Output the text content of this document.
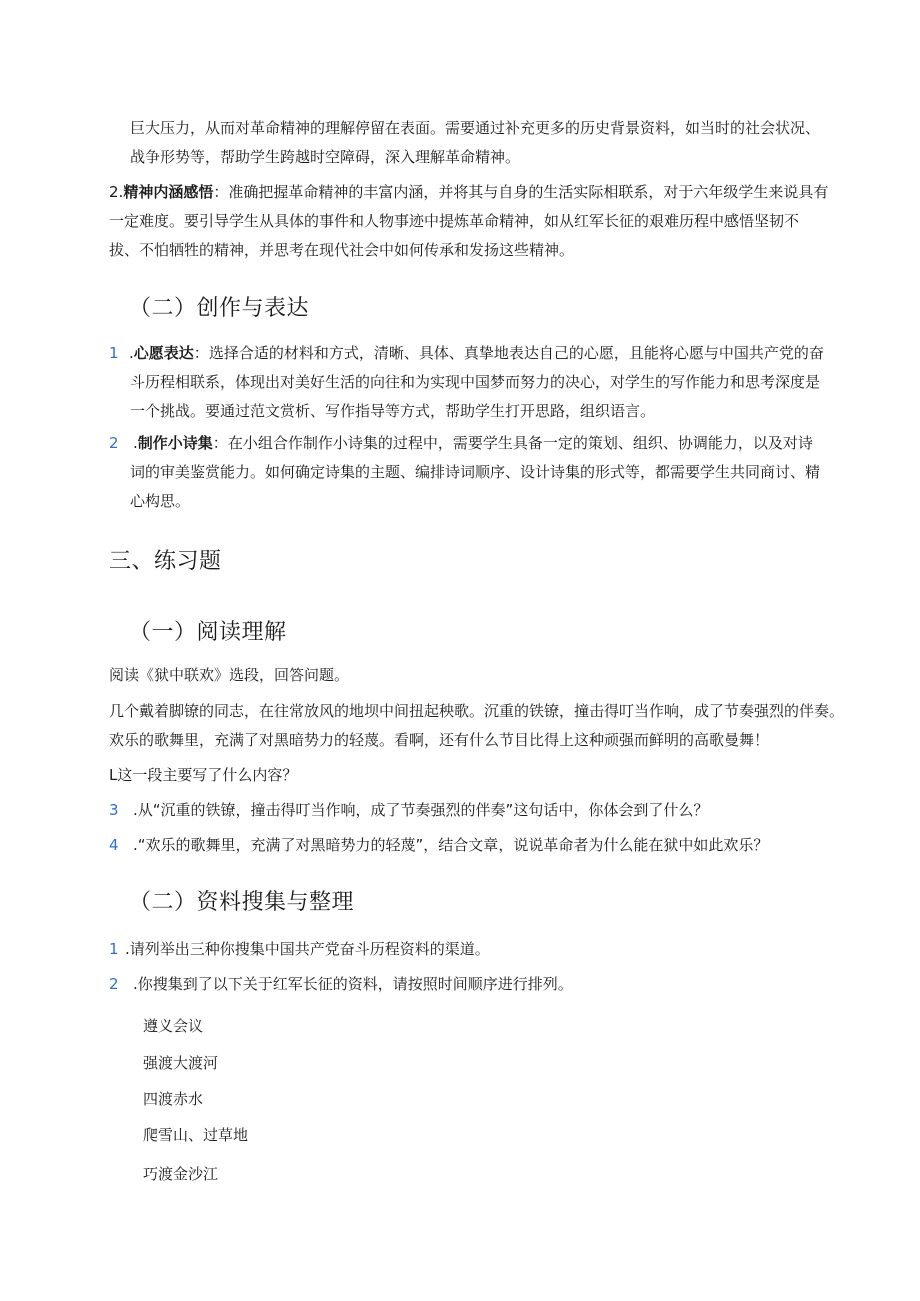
巨大压力，从而对革命精神的理解停留在表面。需要通过补充更多的历史背景资料，如当时的社会状况、
战争形势等，帮助学生跨越时空障碍，深入理解革命精神。
2.精神内涵感悟：准确把握革命精神的丰富内涵，并将其与自身的生活实际相联系，对于六年级学生来说具有
一定难度。要引导学生从具体的事件和人物事迹中提炼革命精神，如从红军长征的艰难历程中感悟坚韧不
拔、不怕牺牲的精神，并思考在现代社会中如何传承和发扬这些精神。
（二）创作与表达
1 .心愿表达：选择合适的材料和方式，清晰、具体、真挚地表达自己的心愿，且能将心愿与中国共产党的奋
斗历程相联系，体现出对美好生活的向往和为实现中国梦而努力的决心，对学生的写作能力和思考深度是
一个挑战。要通过范文赏析、写作指导等方式，帮助学生打开思路，组织语言。
2 .制作小诗集：在小组合作制作小诗集的过程中，需要学生具备一定的策划、组织、协调能力，以及对诗
词的审美鉴赏能力。如何确定诗集的主题、编排诗词顺序、设计诗集的形式等，都需要学生共同商讨、精
心构思。
三、练习题
（一）阅读理解
阅读《狱中联欢》选段，回答问题。
几个戴着脚镣的同志，在往常放风的地坝中间扭起秧歌。沉重的铁镣，撞击得叮当作响，成了节奏强烈的伴奏。
欢乐的歌舞里，充满了对黑暗势力的轻蔑。看啊，还有什么节目比得上这种顽强而鲜明的高歌曼舞！
L这一段主要写了什么内容？
3 .从“沉重的铁镣，撞击得叮当作响，成了节奏强烈的伴奏”这句话中，你体会到了什么？
4 .“欢乐的歌舞里，充满了对黑暗势力的轻蔑”，结合文章，说说革命者为什么能在狱中如此欢乐？
（二）资料搜集与整理
1 .请列举出三种你搜集中国共产党奋斗历程资料的渠道。
2 .你搜集到了以下关于红军长征的资料，请按照时间顺序进行排列。
遵义会议
强渡大渡河
四渡赤水
爬雪山、过草地
巧渡金沙江
